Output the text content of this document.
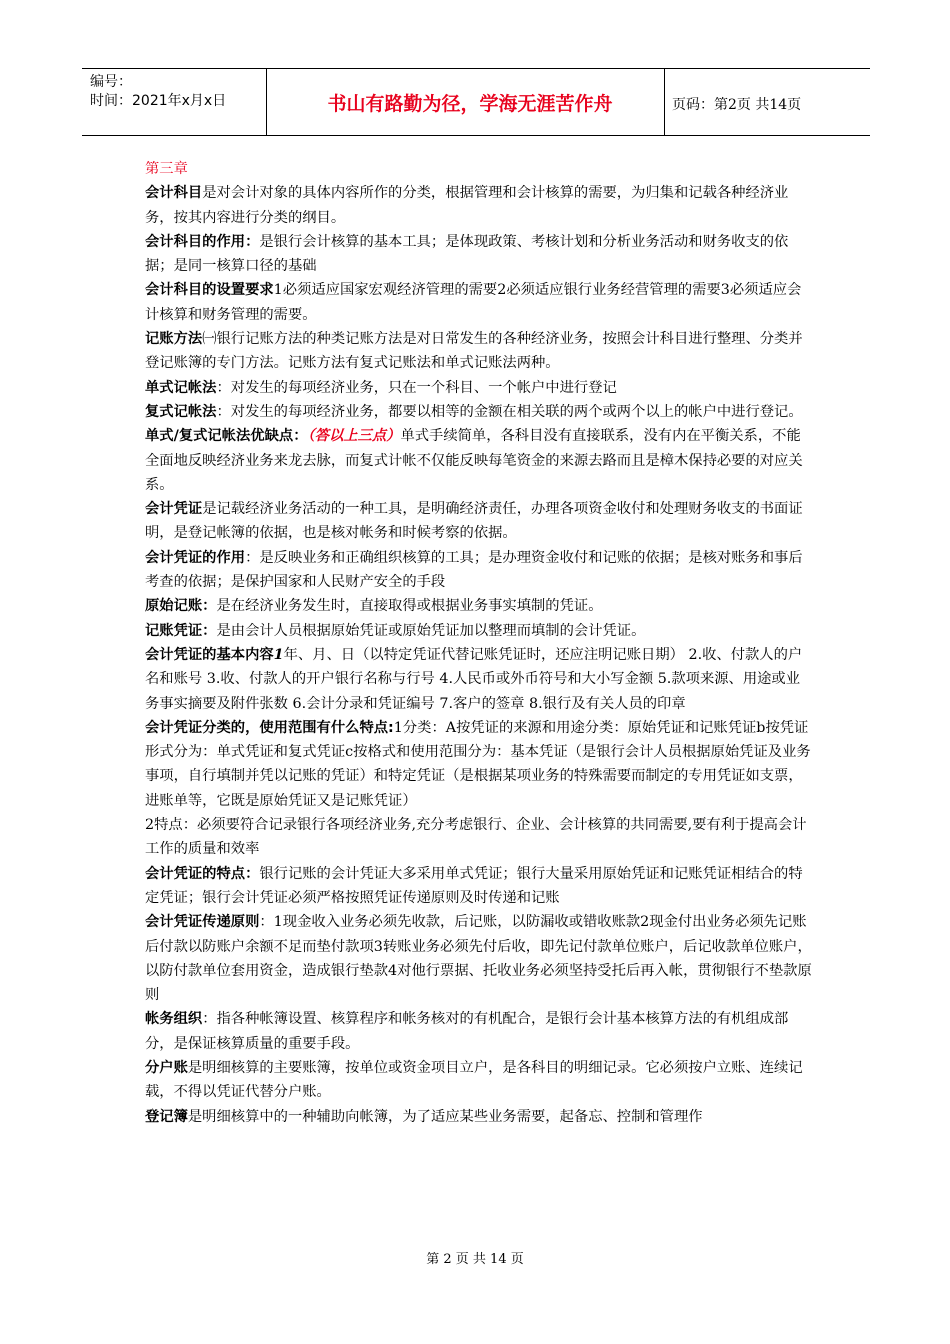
编号：
时间：2021年x月x日	书山有路勤为径，学海无涯苦作舟	页码：第2页 共14页

第三章

会计科目是对会计对象的具体内容所作的分类，根据管理和会计核算的需要，为归集和记载各种经济业务，按其内容进行分类的纲目。

会计科目的作用：是银行会计核算的基本工具；是体现政策、考核计划和分析业务活动和财务收支的依据；是同一核算口径的基础

会计科目的设置要求1必须适应国家宏观经济管理的需要2必须适应银行业务经营管理的需要3必须适应会计核算和财务管理的需要。

记账方法㈠银行记账方法的种类记账方法是对日常发生的各种经济业务，按照会计科目进行整理、分类并登记账簿的专门方法。记账方法有复式记账法和单式记账法两种。

单式记帐法：对发生的每项经济业务，只在一个科目、一个帐户中进行登记

复式记帐法：对发生的每项经济业务，都要以相等的金额在相关联的两个或两个以上的帐户中进行登记。

单式/复式记帐法优缺点：（答以上三点）单式手续简单，各科目没有直接联系，没有内在平衡关系，不能全面地反映经济业务来龙去脉，而复式计帐不仅能反映每笔资金的来源去路而且是樟木保持必要的对应关系。

会计凭证是记载经济业务活动的一种工具，是明确经济责任，办理各项资金收付和处理财务收支的书面证明，是登记帐簿的依据，也是核对帐务和时候考察的依据。

会计凭证的作用：是反映业务和正确组织核算的工具；是办理资金收付和记账的依据；是核对账务和事后考查的依据；是保护国家和人民财产安全的手段

原始记账：是在经济业务发生时，直接取得或根据业务事实填制的凭证。

记账凭证：是由会计人员根据原始凭证或原始凭证加以整理而填制的会计凭证。

会计凭证的基本内容1年、月、日（以特定凭证代替记账凭证时，还应注明记账日期） 2.收、付款人的户名和账号 3.收、付款人的开户银行名称与行号 4.人民币或外币符号和大小写金额 5.款项来源、用途或业务事实摘要及附件张数 6.会计分录和凭证编号 7.客户的签章 8.银行及有关人员的印章

会计凭证分类的，使用范围有什么特点:1分类：A按凭证的来源和用途分类：原始凭证和记账凭证b按凭证形式分为：单式凭证和复式凭证c按格式和使用范围分为：基本凭证（是银行会计人员根据原始凭证及业务事项，自行填制并凭以记账的凭证）和特定凭证（是根据某项业务的特殊需要而制定的专用凭证如支票，进账单等，它既是原始凭证又是记账凭证）

2特点：必须要符合记录银行各项经济业务,充分考虑银行、企业、会计核算的共同需要,要有利于提高会计工作的质量和效率

会计凭证的特点：银行记账的会计凭证大多采用单式凭证；银行大量采用原始凭证和记账凭证相结合的特定凭证；银行会计凭证必须严格按照凭证传递原则及时传递和记账

会计凭证传递原则：1现金收入业务必须先收款，后记账，以防漏收或错收账款2现金付出业务必须先记账后付款以防账户余额不足而垫付款项3转账业务必须先付后收，即先记付款单位账户，后记收款单位账户，以防付款单位套用资金，造成银行垫款4对他行票据、托收业务必须坚持受托后再入帐，贯彻银行不垫款原则

帐务组织：指各种帐簿设置、核算程序和帐务核对的有机配合，是银行会计基本核算方法的有机组成部分，是保证核算质量的重要手段。

分户账是明细核算的主要账簿，按单位或资金项目立户，是各科目的明细记录。它必须按户立账、连续记载，不得以凭证代替分户账。

登记簿是明细核算中的一种辅助向帐簿，为了适应某些业务需要，起备忘、控制和管理作

第 2 页 共 14 页
